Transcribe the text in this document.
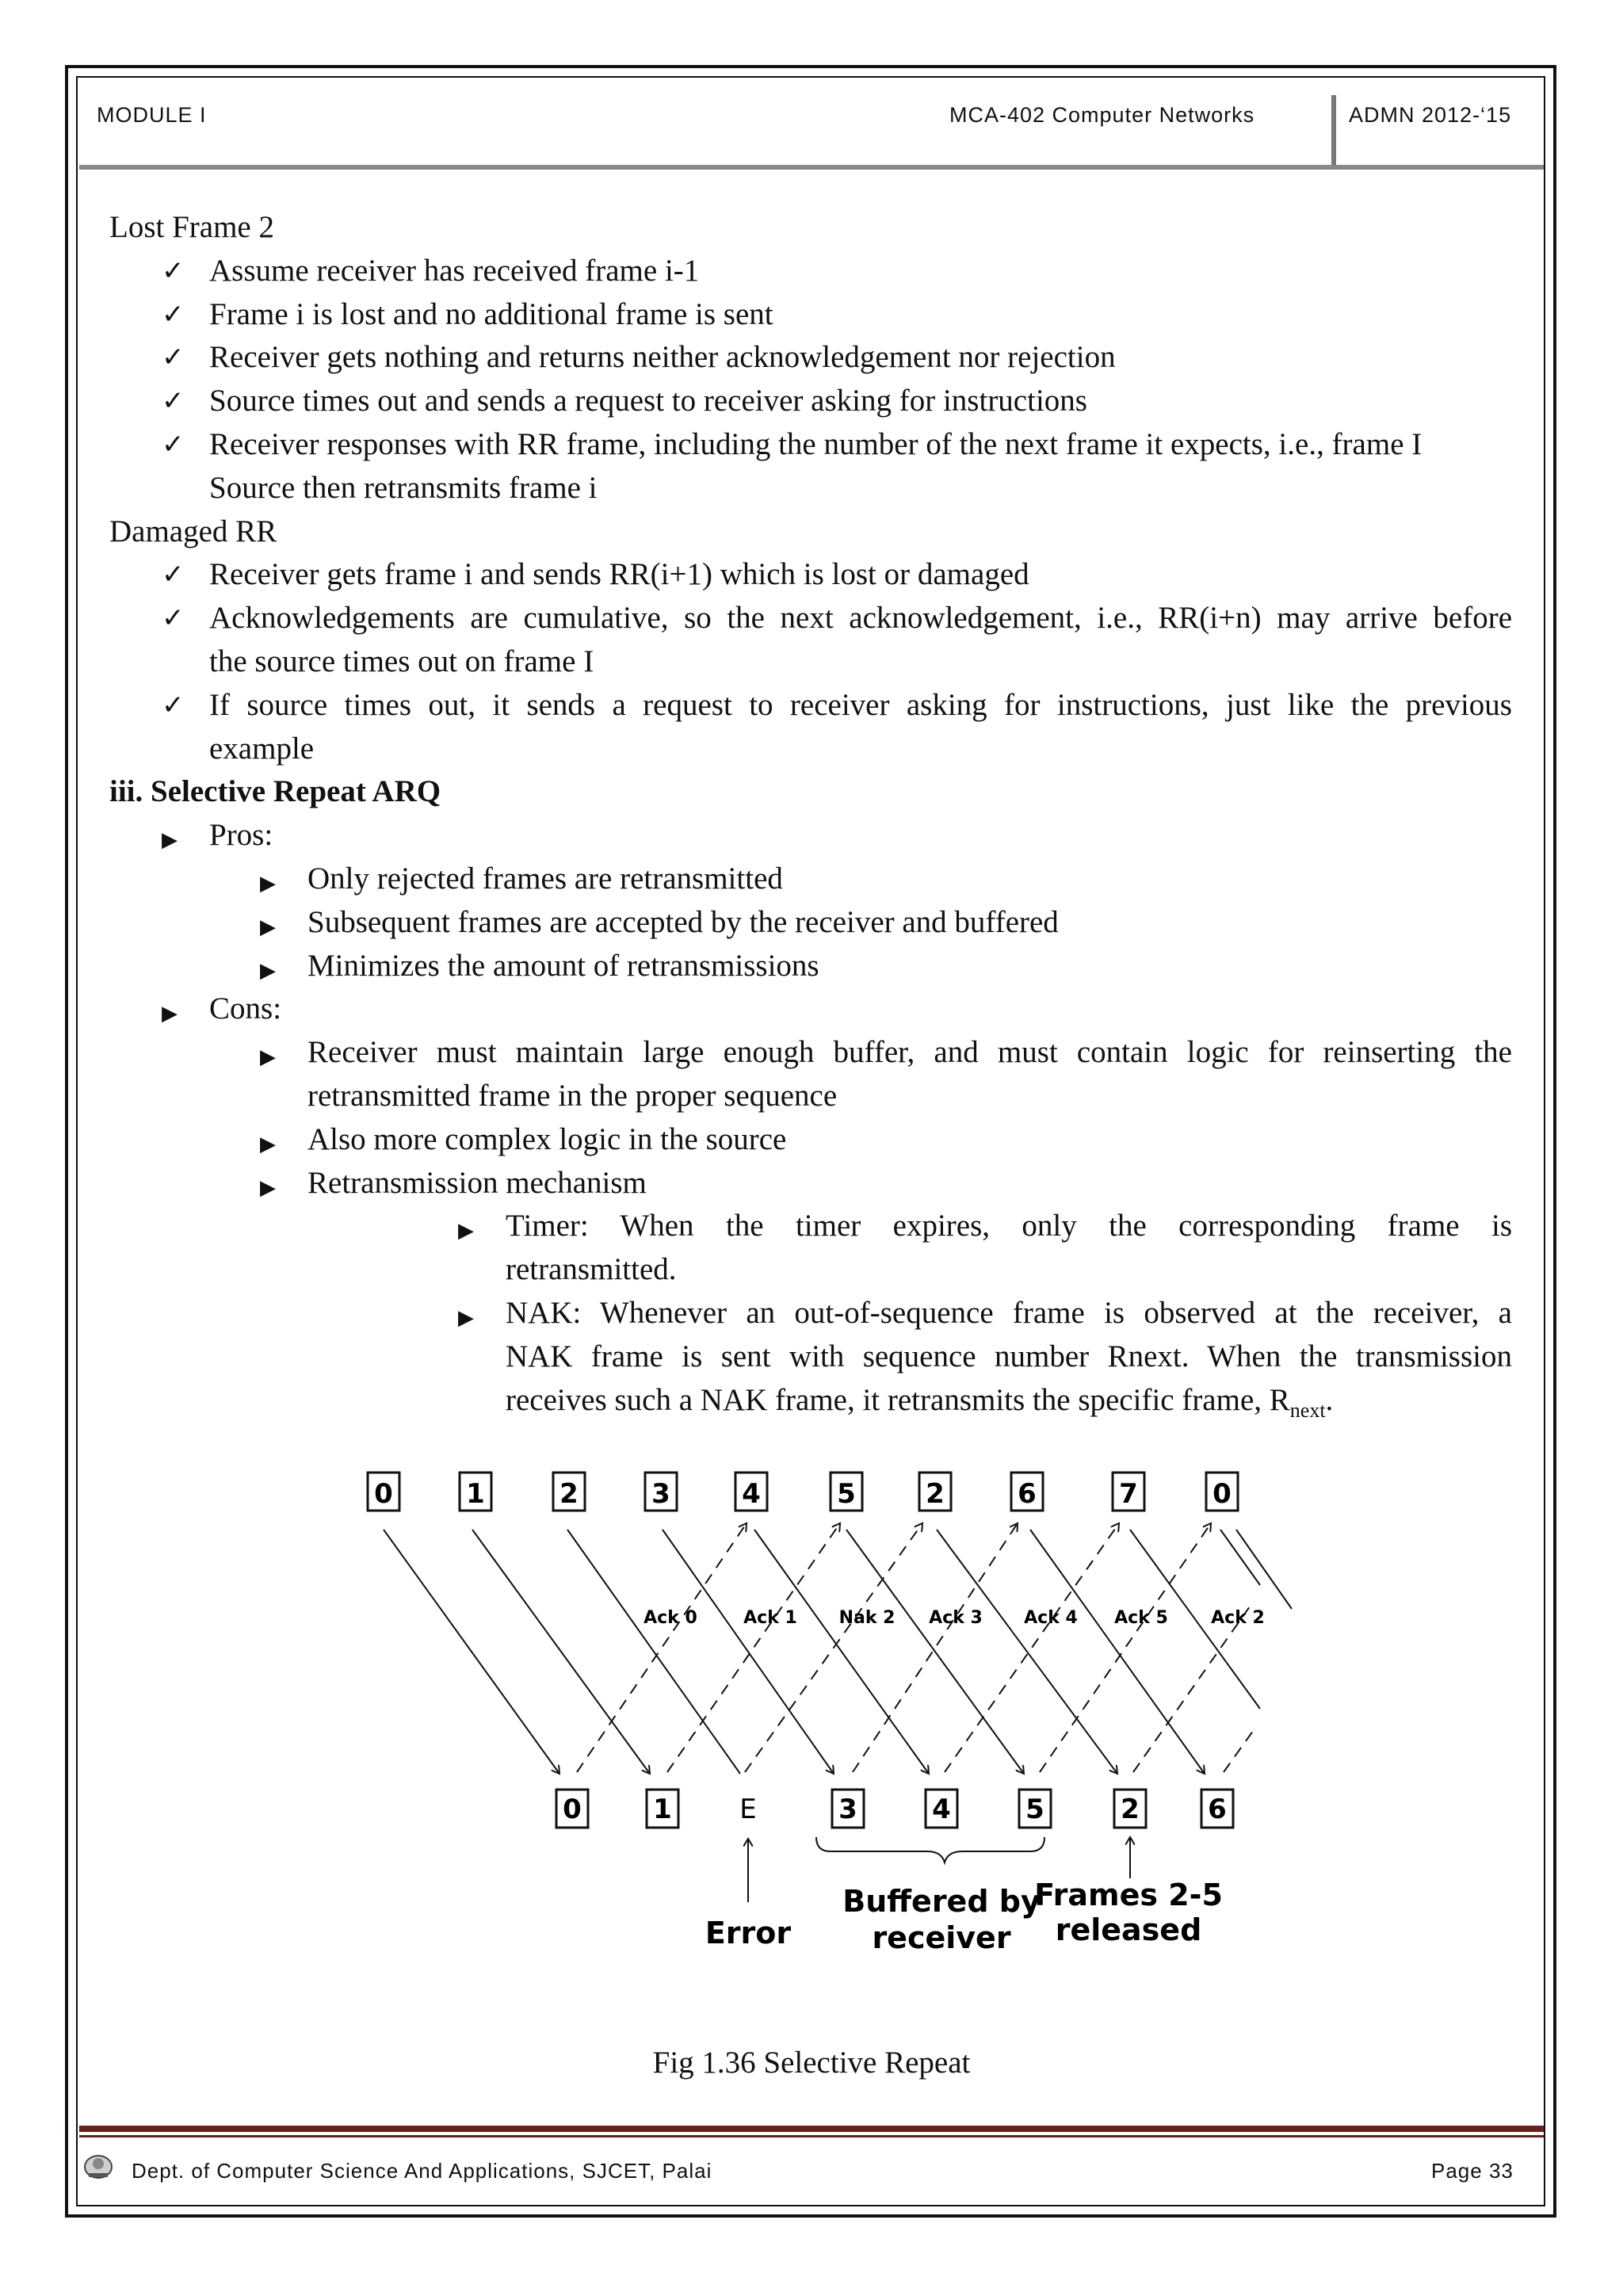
MODULE I	MCA-402 Computer Networks	ADMN 2012-‘15
Lost Frame 2
✓ Assume receiver has received frame i-1
✓ Frame i is lost and no additional frame is sent
✓ Receiver gets nothing and returns neither acknowledgement nor rejection
✓ Source times out and sends a request to receiver asking for instructions
✓ Receiver responses with RR frame, including the number of the next frame it expects, i.e., frame I
Source then retransmits frame i
Damaged RR
✓ Receiver gets frame i and sends RR(i+1) which is lost or damaged
✓ Acknowledgements are cumulative, so the next acknowledgement, i.e., RR(i+n) may arrive before
the source times out on frame I
✓ If source times out, it sends a request to receiver asking for instructions, just like the previous
example
iii. Selective Repeat ARQ
▶ Pros:
▶ Only rejected frames are retransmitted
▶ Subsequent frames are accepted by the receiver and buffered
▶ Minimizes the amount of retransmissions
▶ Cons:
▶ Receiver must maintain large enough buffer, and must contain logic for reinserting the
retransmitted frame in the proper sequence
▶ Also more complex logic in the source
▶ Retransmission mechanism
▶ Timer: When the timer expires, only the corresponding frame is
retransmitted.
▶ NAK: Whenever an out-of-sequence frame is observed at the receiver, a
NAK frame is sent with sequence number Rnext. When the transmission
receives such a NAK frame, it retransmits the specific frame, $R_{next}$.
0	1	2	3	4	5	2	6	7	0
Ack 0	Ack 1 Nak 2 Ack 3 Ack 4 Ack 5 Ack 2
0	1	E	3	4	5	2	6
Error
Buffered by
receiver
Frames 2-5
released
Fig 1.36 Selective Repeat
Dept. of Computer Science And Applications, SJCET, Palai	Page 33
